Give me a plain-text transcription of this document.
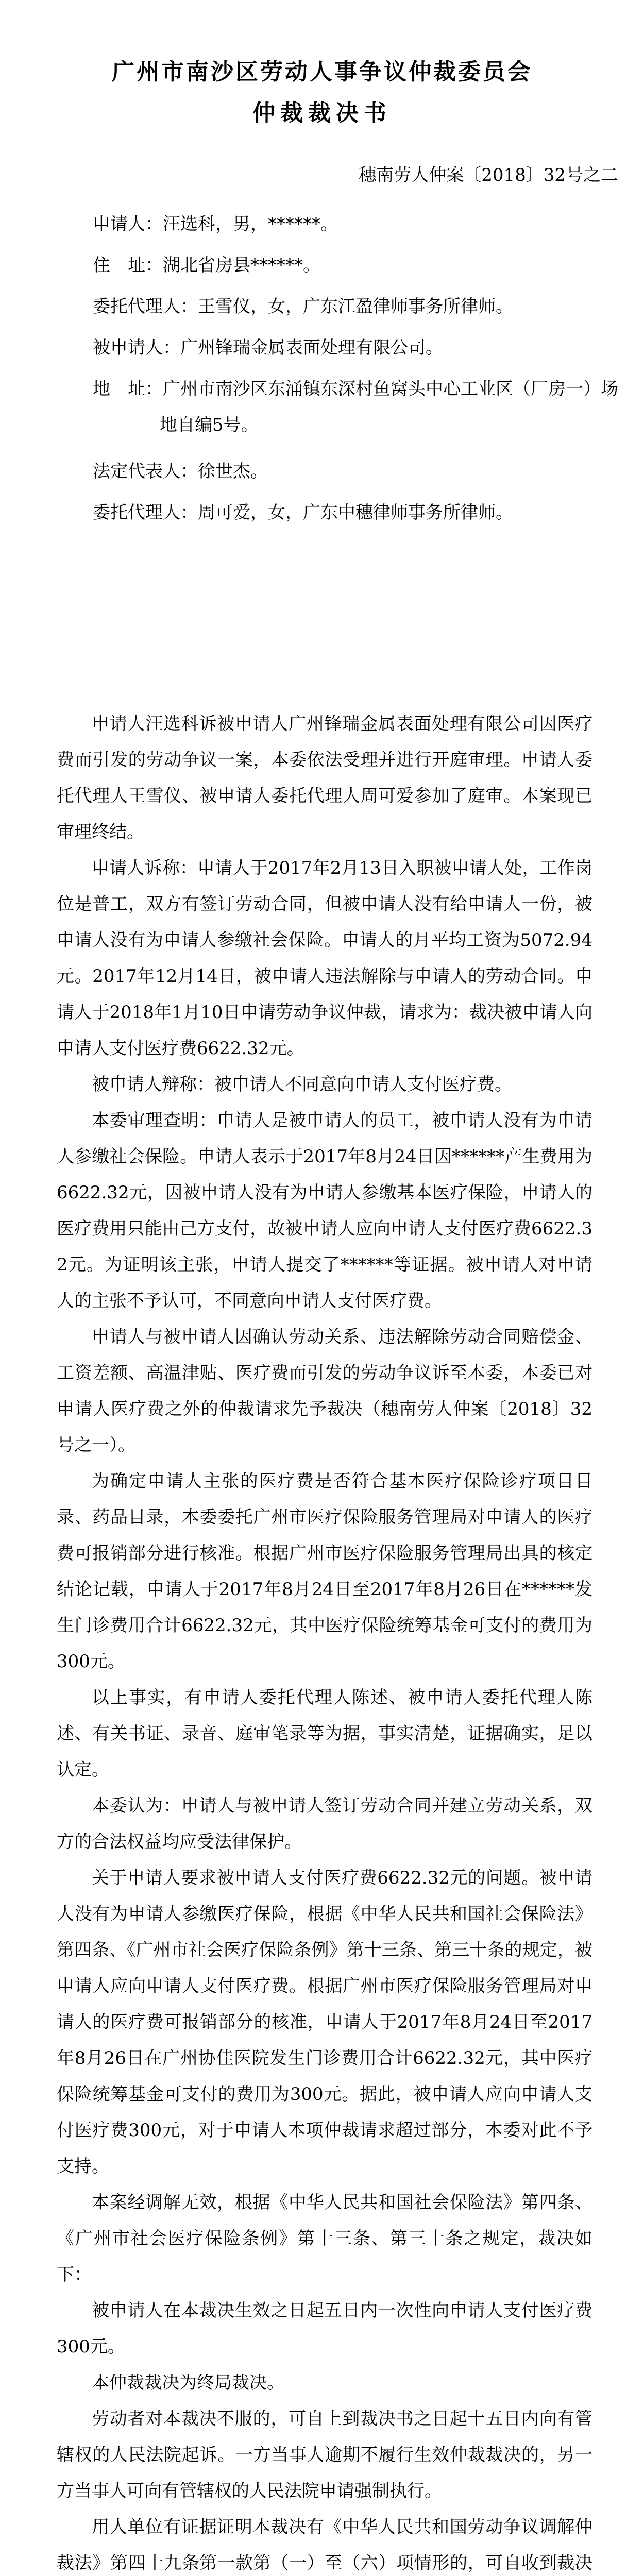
广州市南沙区劳动人事争议仲裁委员会
仲裁裁决书
穗南劳人仲案〔2018〕32号之二
申请人：汪选科，男，******。
住　址：湖北省房县******。
委托代理人：王雪仪，女，广东江盈律师事务所律师。
被申请人：广州锋瑞金属表面处理有限公司。
地　址：广州市南沙区东涌镇东深村鱼窝头中心工业区（厂房一）场地自编5号。
法定代表人：徐世杰。
委托代理人：周可爱，女，广东中穗律师事务所律师。

申请人汪选科诉被申请人广州锋瑞金属表面处理有限公司因医疗费而引发的劳动争议一案，本委依法受理并进行开庭审理。申请人委托代理人王雪仪、被申请人委托代理人周可爱参加了庭审。本案现已审理终结。

申请人诉称：申请人于2017年2月13日入职被申请人处，工作岗位是普工，双方有签订劳动合同，但被申请人没有给申请人一份，被申请人没有为申请人参缴社会保险。申请人的月平均工资为5072.94元。2017年12月14日，被申请人违法解除与申请人的劳动合同。申请人于2018年1月10日申请劳动争议仲裁，请求为：裁决被申请人向申请人支付医疗费6622.32元。

被申请人辩称：被申请人不同意向申请人支付医疗费。

本委审理查明：申请人是被申请人的员工，被申请人没有为申请人参缴社会保险。申请人表示于2017年8月24日因******产生费用为6622.32元，因被申请人没有为申请人参缴基本医疗保险，申请人的医疗费用只能由己方支付，故被申请人应向申请人支付医疗费6622.32元。为证明该主张，申请人提交了******等证据。被申请人对申请人的主张不予认可，不同意向申请人支付医疗费。

申请人与被申请人因确认劳动关系、违法解除劳动合同赔偿金、工资差额、高温津贴、医疗费而引发的劳动争议诉至本委，本委已对申请人医疗费之外的仲裁请求先予裁决（穗南劳人仲案〔2018〕32号之一）。

为确定申请人主张的医疗费是否符合基本医疗保险诊疗项目目录、药品目录，本委委托广州市医疗保险服务管理局对申请人的医疗费可报销部分进行核准。根据广州市医疗保险服务管理局出具的核定结论记载，申请人于2017年8月24日至2017年8月26日在******发生门诊费用合计6622.32元，其中医疗保险统筹基金可支付的费用为300元。

以上事实，有申请人委托代理人陈述、被申请人委托代理人陈述、有关书证、录音、庭审笔录等为据，事实清楚，证据确实，足以认定。

本委认为：申请人与被申请人签订劳动合同并建立劳动关系，双方的合法权益均应受法律保护。

关于申请人要求被申请人支付医疗费6622.32元的问题。被申请人没有为申请人参缴医疗保险，根据《中华人民共和国社会保险法》第四条、《广州市社会医疗保险条例》第十三条、第三十条的规定，被申请人应向申请人支付医疗费。根据广州市医疗保险服务管理局对申请人的医疗费可报销部分的核准，申请人于2017年8月24日至2017年8月26日在广州协佳医院发生门诊费用合计6622.32元，其中医疗保险统筹基金可支付的费用为300元。据此，被申请人应向申请人支付医疗费300元，对于申请人本项仲裁请求超过部分，本委对此不予支持。

本案经调解无效，根据《中华人民共和国社会保险法》第四条、《广州市社会医疗保险条例》第十三条、第三十条之规定，裁决如下：

被申请人在本裁决生效之日起五日内一次性向申请人支付医疗费300元。

本仲裁裁决为终局裁决。

劳动者对本裁决不服的，可自上到裁决书之日起十五日内向有管辖权的人民法院起诉。一方当事人逾期不履行生效仲裁裁决的，另一方当事人可向有管辖权的人民法院申请强制执行。

用人单位有证据证明本裁决有《中华人民共和国劳动争议调解仲裁法》第四十九条第一款第（一）至（六）项情形的，可自收到裁决
